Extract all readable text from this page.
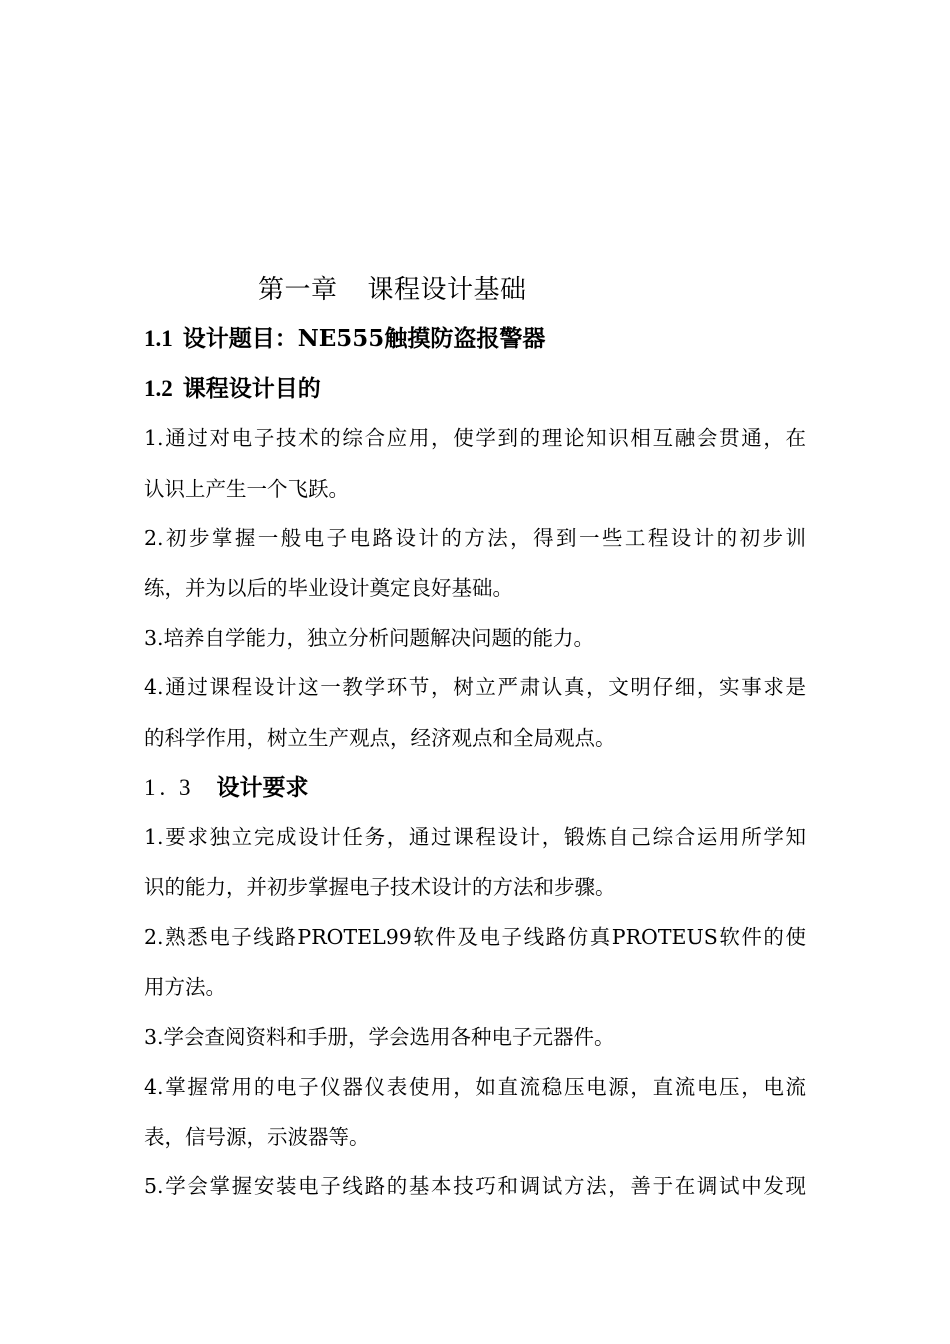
第一章 课程设计基础
1.1 设计题目：NE555触摸防盗报警器
1.2 课程设计目的
1.通过对电子技术的综合应用，使学到的理论知识相互融会贯通，在
认识上产生一个飞跃。
2.初步掌握一般电子电路设计的方法，得到一些工程设计的初步训
练，并为以后的毕业设计奠定良好基础。
3.培养自学能力，独立分析问题解决问题的能力。
4.通过课程设计这一教学环节，树立严肃认真，文明仔细，实事求是
的科学作用，树立生产观点，经济观点和全局观点。
1. 3 设计要求
1.要求独立完成设计任务，通过课程设计，锻炼自己综合运用所学知
识的能力，并初步掌握电子技术设计的方法和步骤。
2.熟悉电子线路PROTEL99软件及电子线路仿真PROTEUS软件的使
用方法。
3.学会查阅资料和手册，学会选用各种电子元器件。
4.掌握常用的电子仪器仪表使用，如直流稳压电源，直流电压，电流
表，信号源，示波器等。
5.学会掌握安装电子线路的基本技巧和调试方法，善于在调试中发现
